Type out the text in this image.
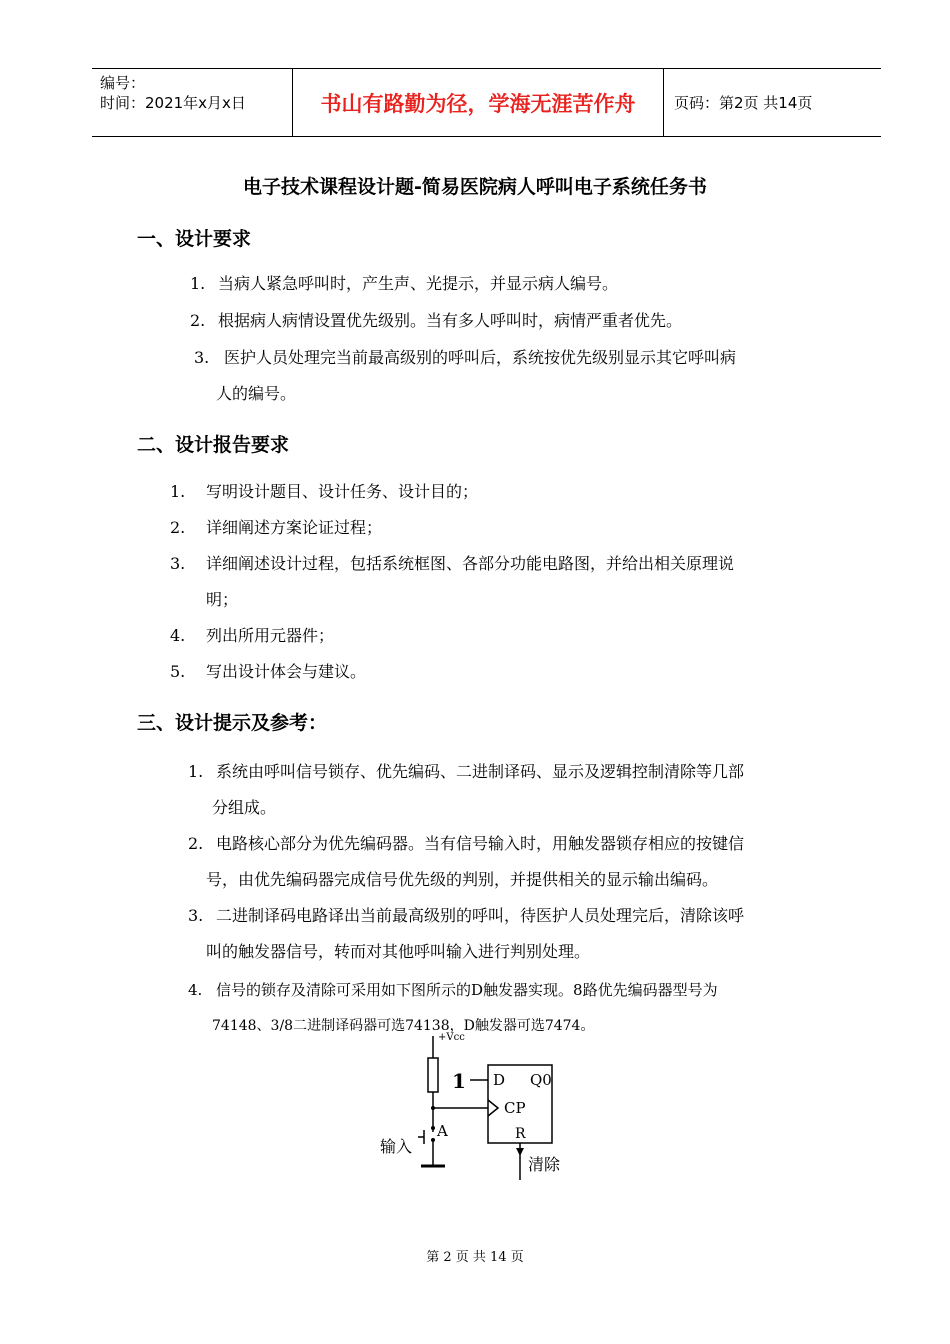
编号：
时间：2021年x月x日	书山有路勤为径，学海无涯苦作舟	页码：第2页 共14页
电子技术课程设计题-简易医院病人呼叫电子系统任务书
一、设计要求
1. 当病人紧急呼叫时，产生声、光提示，并显示病人编号。
2. 根据病人病情设置优先级别。当有多人呼叫时，病情严重者优先。
3. 医护人员处理完当前最高级别的呼叫后，系统按优先级别显示其它呼叫病
人的编号。
二、设计报告要求
1. 写明设计题目、设计任务、设计目的；
2. 详细阐述方案论证过程；
3. 详细阐述设计过程，包括系统框图、各部分功能电路图，并给出相关原理说
明；
4. 列出所用元器件；
5. 写出设计体会与建议。
三、设计提示及参考：
1. 系统由呼叫信号锁存、优先编码、二进制译码、显示及逻辑控制清除等几部
分组成。
2. 电路核心部分为优先编码器。当有信号输入时，用触发器锁存相应的按键信
号，由优先编码器完成信号优先级的判别，并提供相关的显示输出编码。
3. 二进制译码电路译出当前最高级别的呼叫，待医护人员处理完后，清除该呼
叫的触发器信号，转而对其他呼叫输入进行判别处理。
4. 信号的锁存及清除可采用如下图所示的D触发器实现。8路优先编码器型号为
74148、3/8二进制译码器可选74138，D触发器可选7474。
+Vcc
1 D Q0
CP
R
A
输入
清除
第 2 页 共 14 页
